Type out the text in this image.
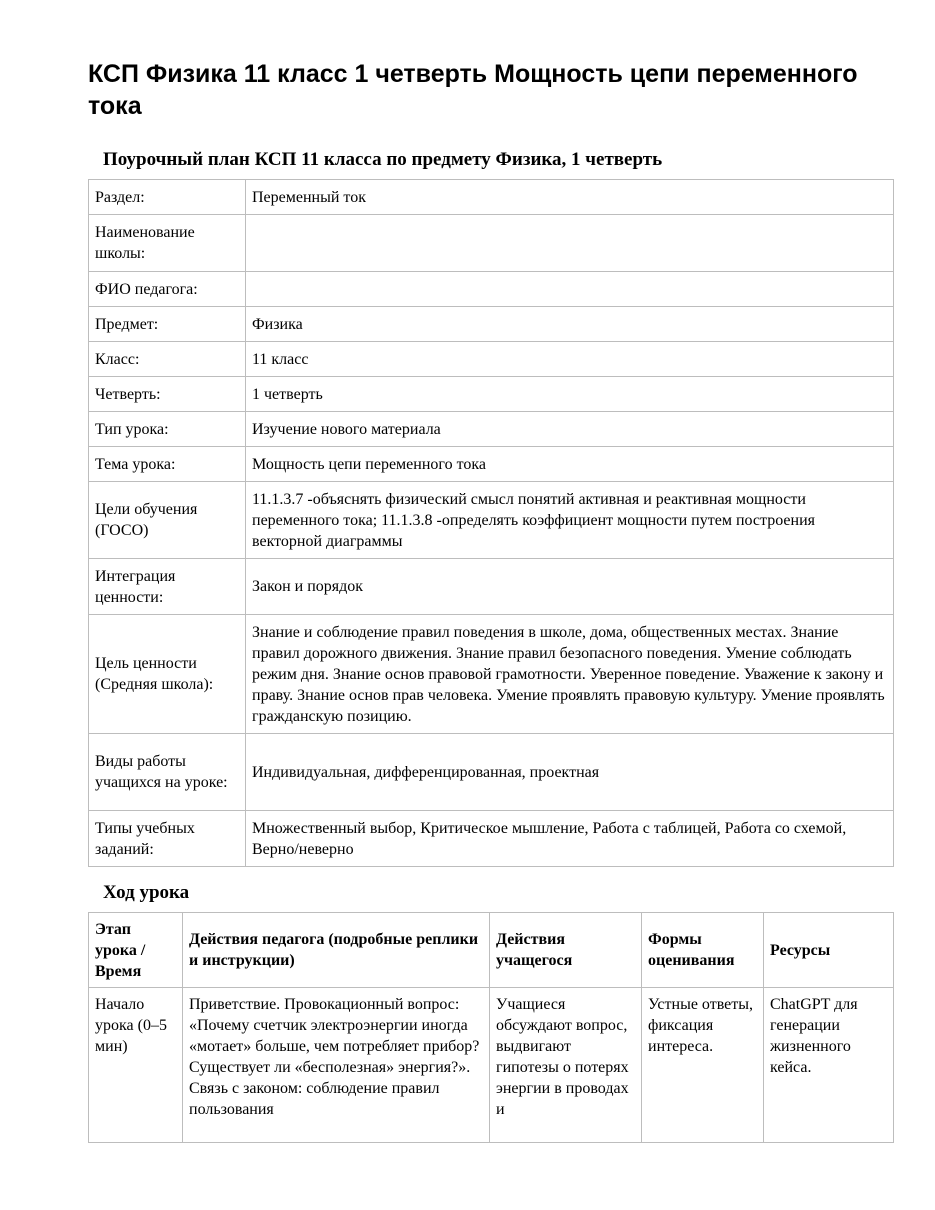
КСП Физика 11 класс 1 четверть Мощность цепи переменного тока
Поурочный план КСП 11 класса по предмету Физика, 1 четверть
Раздел:	Переменный ток
Наименование школы:	
ФИО педагога:	
Предмет:	Физика
Класс:	11 класс
Четверть:	1 четверть
Тип урока:	Изучение нового материала
Тема урока:	Мощность цепи переменного тока
Цели обучения (ГОСО)	11.1.3.7 -объяснять физический смысл понятий активная и реактивная мощности переменного тока; 11.1.3.8 -определять коэффициент мощности путем построения векторной диаграммы
Интеграция ценности:	Закон и порядок
Цель ценности (Средняя школа):	Знание и соблюдение правил поведения в школе, дома, общественных местах. Знание правил дорожного движения. Знание правил безопасного поведения. Умение соблюдать режим дня. Знание основ правовой грамотности. Уверенное поведение. Уважение к закону и праву. Знание основ прав человека. Умение проявлять правовую культуру. Умение проявлять гражданскую позицию.
Виды работы учащихся на уроке:	Индивидуальная, дифференцированная, проектная
Типы учебных заданий:	Множественный выбор, Критическое мышление, Работа с таблицей, Работа со схемой, Верно/неверно
Ход урока
Этап урока / Время	Действия педагога (подробные реплики и инструкции)	Действия учащегося	Формы оценивания	Ресурсы

Начало урока (0–5 мин)	Приветствие. Провокационный вопрос: «Почему счетчик электроэнергии иногда «мотает» больше, чем потребляет прибор? Существует ли «бесполезная» энергия?». Связь с законом: соблюдение правил пользования	Учащиеся обсуждают вопрос, выдвигают гипотезы о потерях энергии в проводах и	Устные ответы, фиксация интереса.	ChatGPT для генерации жизненного кейса.
